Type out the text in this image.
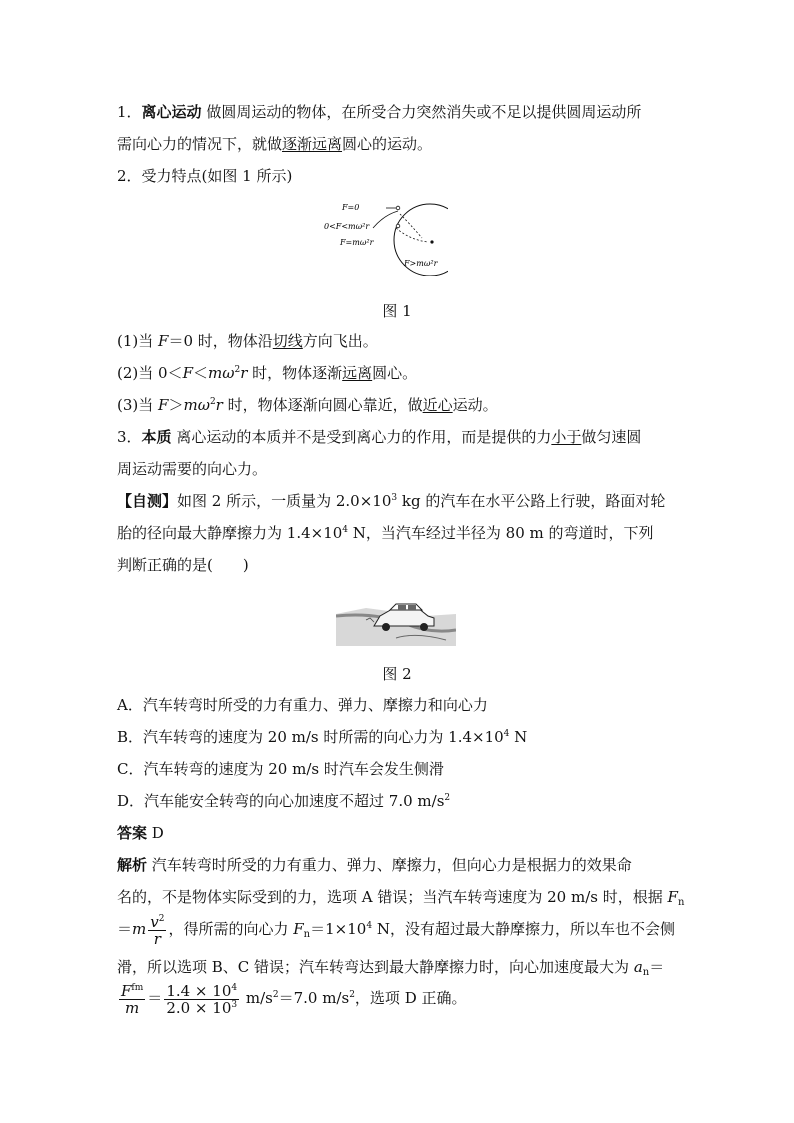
1．离心运动 做圆周运动的物体，在所受合力突然消失或不足以提供圆周运动所
需向心力的情况下，就做逐渐远离圆心的运动。
2．受力特点(如图 1 所示)
F=0
0<F<mω²r
F=mω²r
F>mω²r
图 1
(1)当 F＝0 时，物体沿切线方向飞出。
(2)当 $0<F<m\omega^2r$ 时，物体逐渐远离圆心。
(3)当 $F>m\omega^2r$ 时，物体逐渐向圆心靠近，做近心运动。
3．本质 离心运动的本质并不是受到离心力的作用，而是提供的力小于做匀速圆
周运动需要的向心力。
【自测】如图 2 所示，一质量为 $2.0\times 10^3$ kg 的汽车在水平公路上行驶，路面对轮
胎的径向最大静摩擦力为 $1.4\times 10^4$ N，当汽车经过半径为 80 m 的弯道时，下列
判断正确的是(　　)
图 2
A．汽车转弯时所受的力有重力、弹力、摩擦力和向心力
B．汽车转弯的速度为 20 m/s 时所需的向心力为 $1.4\times 10^4$ N
C．汽车转弯的速度为 20 m/s 时汽车会发生侧滑
D．汽车能安全转弯的向心加速度不超过 7.0 $m/s^2$
答案 D
解析 汽车转弯时所受的力有重力、弹力、摩擦力，但向心力是根据力的效果命
名的，不是物体实际受到的力，选项 A 错误；当汽车转弯速度为 20 m/s 时，根据 $F_n$
$=m \frac{v^2}{r}$ ，得所需的向心力 $F_n=1\times 10^4$ N，没有超过最大静摩擦力，所以车也不会侧
滑，所以选项 B、C 错误；汽车转弯达到最大静摩擦力时，向心加速度最大为 $a_n=$
$\frac{F^{fm}}{m} = \frac{1.4 \times 10^4}{2.0 \times 10^3} m/s^2=7.0$ $m/s^2$，选项 D 正确。
